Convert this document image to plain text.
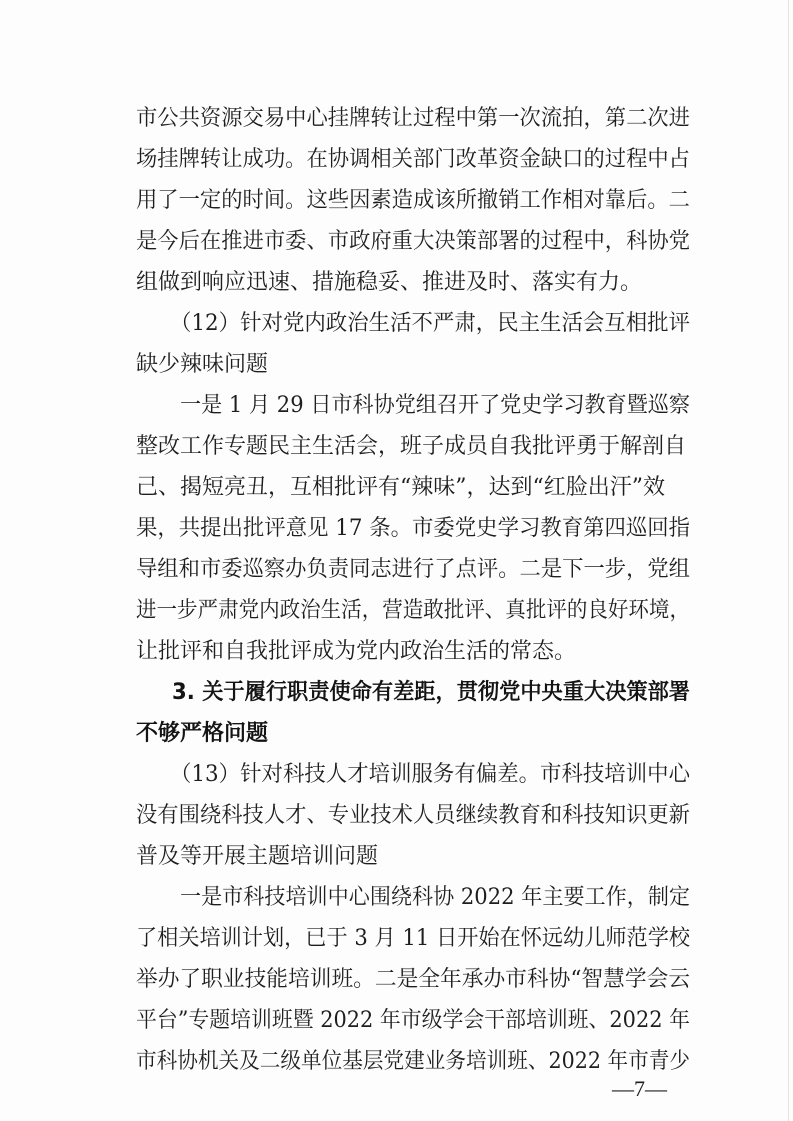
市公共资源交易中心挂牌转让过程中第一次流拍，第二次进
场挂牌转让成功。在协调相关部门改革资金缺口的过程中占
用了一定的时间。这些因素造成该所撤销工作相对靠后。二
是今后在推进市委、市政府重大决策部署的过程中，科协党
组做到响应迅速、措施稳妥、推进及时、落实有力。
（12）针对党内政治生活不严肃，民主生活会互相批评
缺少辣味问题
一是 1 月 29 日市科协党组召开了党史学习教育暨巡察
整改工作专题民主生活会，班子成员自我批评勇于解剖自
己、揭短亮丑，互相批评有“辣味”，达到“红脸出汗”效
果，共提出批评意见 17 条。市委党史学习教育第四巡回指
导组和市委巡察办负责同志进行了点评。二是下一步，党组
进一步严肃党内政治生活，营造敢批评、真批评的良好环境，
让批评和自我批评成为党内政治生活的常态。
3. 关于履行职责使命有差距，贯彻党中央重大决策部署
不够严格问题
（13）针对科技人才培训服务有偏差。市科技培训中心
没有围绕科技人才、专业技术人员继续教育和科技知识更新
普及等开展主题培训问题
一是市科技培训中心围绕科协 2022 年主要工作，制定
了相关培训计划，已于 3 月 11 日开始在怀远幼儿师范学校
举办了职业技能培训班。二是全年承办市科协“智慧学会云
平台”专题培训班暨 2022 年市级学会干部培训班、2022 年
市科协机关及二级单位基层党建业务培训班、2022 年市青少
—7—
